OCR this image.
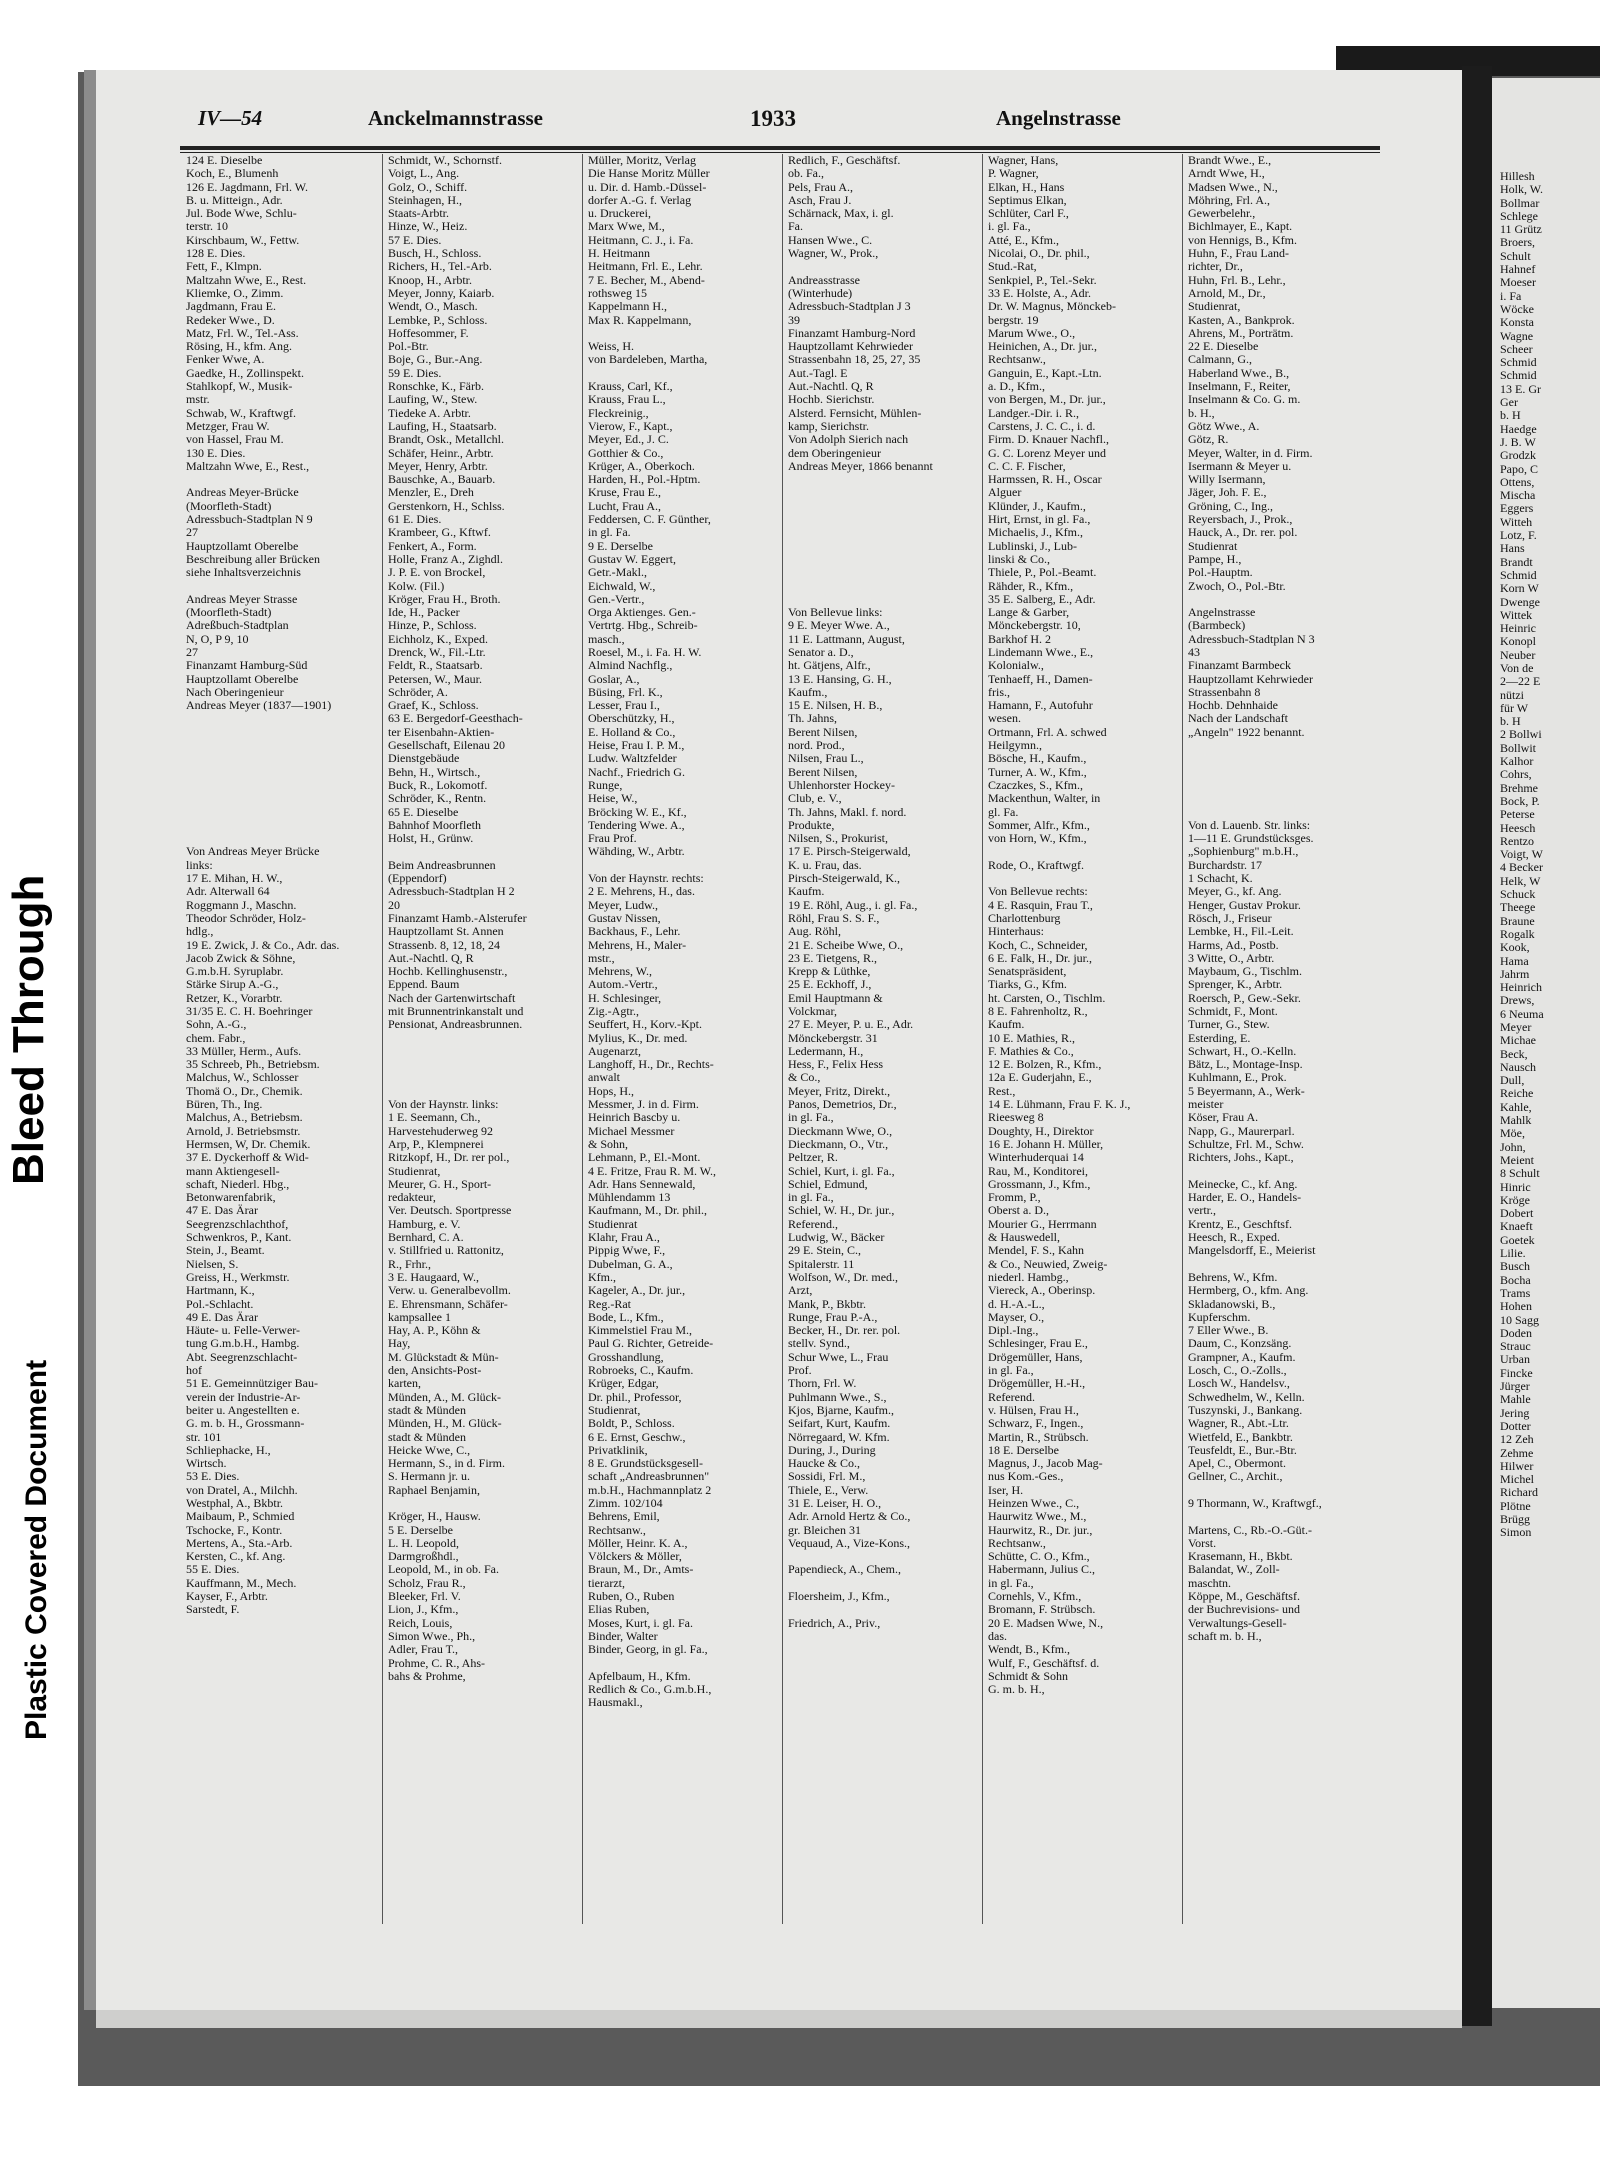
Bleed Through
Plastic Covered Document
Hillesh
Holk, W.
Bollmar
Schlege
11 Grütz
Broers,
Schult
Hahnef
Moeser
i. Fa
Wöcke
Konsta
Wagne
Scheer
Schmid
Schmid
13 E. Gr
Ger
b. H
Haedge
J. B. W
Grodzk
Papo, C
Ottens,
Mischa
Eggers
Witteh
Lotz, F.
Hans
Brandt
Schmid
Korn W
Dwenge
Wittek
Heinric
Konopl
Neuber
Von de
2—22 E
nützi
für W
b. H
2 Bollwi
Bollwit
Kalhor
Cohrs,
Brehme
Bock, P.
Peterse
Heesch
Rentzo
Voigt, W
4 Becker
Helk, W
Schuck
Theege
Braune
Rogalk
Kook,
Hama
Jahrm
Heinrich
Drews,
6 Neuma
Meyer
Michae
Beck,
Nausch
Dull,
Reiche
Kahle,
Mahlk
Möe,
John,
Meient
8 Schult
Hinric
Kröge
Dobert
Knaeft
Goetek
Lilie.
Busch
Bocha
Trams
Hohen
10 Sagg
Doden
Strauc
Urban
Fincke
Jürger
Mahle
Jering
Dotter
12 Zeh
Zehme
Hilwer
Michel
Richard
Plötne
Brügg
Simon
IV—54	Anckelmannstrasse	1933	Angelnstrasse
124 E. Dieselbe
Koch, E., Blumenh
126 E. Jagdmann, Frl. W.
B. u. Mitteign., Adr.
Jul. Bode Wwe, Schlu-
terstr. 10
Kirschbaum, W., Fettw.
128 E. Dies.
Fett, F., Klmpn.
Maltzahn Wwe, E., Rest.
Kliemke, O., Zimm.
Jagdmann, Frau E.
Redeker Wwe., D.
Matz, Frl. W., Tel.-Ass.
Rösing, H., kfm. Ang.
Fenker Wwe, A.
Gaedke, H., Zollinspekt.
Stahlkopf, W., Musik-
mstr.
Schwab, W., Kraftwgf.
Metzger, Frau W.
von Hassel, Frau M.
130 E. Dies.
Maltzahn Wwe, E., Rest.,
Andreas Meyer-Brücke
(Moorfleth-Stadt)
Adressbuch-Stadtplan N 9
27
Hauptzollamt Oberelbe
Beschreibung aller Brücken
siehe Inhaltsverzeichnis
Andreas Meyer Strasse
(Moorfleth-Stadt)
Adreßbuch-Stadtplan
N, O, P 9, 10
27
Finanzamt Hamburg-Süd
Hauptzollamt Oberelbe
Nach Oberingenieur
Andreas Meyer (1837—1901)
Von Andreas Meyer Brücke
links:
17 E. Mihan, H. W.,
Adr. Alterwall 64
Roggmann J., Maschn.
Theodor Schröder, Holz-
hdlg.,
19 E. Zwick, J. & Co., Adr. das.
Jacob Zwick & Söhne,
G.m.b.H. Syruplabr.
Stärke Sirup A.-G.,
Retzer, K., Vorarbtr.
31/35 E. C. H. Boehringer
Sohn, A.-G.,
chem. Fabr.,
33 Müller, Herm., Aufs.
35 Schreeb, Ph., Betriebsm.
Malchus, W., Schlosser
Thomä O., Dr., Chemik.
Büren, Th., Ing.
Malchus, A., Betriebsm.
Arnold, J. Betriebsmstr.
Hermsen, W, Dr. Chemik.
37 E. Dyckerhoff & Wid-
mann Aktiengesell-
schaft, Niederl. Hbg.,
Betonwarenfabrik,
47 E. Das Ärar
Seegrenzschlachthof,
Schwenkros, P., Kant.
Stein, J., Beamt.
Nielsen, S.
Greiss, H., Werkmstr.
Hartmann, K.,
Pol.-Schlacht.
49 E. Das Ärar
Häute- u. Felle-Verwer-
tung G.m.b.H., Hambg.
Abt. Seegrenzschlacht-
hof
51 E. Gemeinnütziger Bau-
verein der Industrie-Ar-
beiter u. Angestellten e.
G. m. b. H., Grossmann-
str. 101
Schliephacke, H.,
Wirtsch.
53 E. Dies.
von Dratel, A., Milchh.
Westphal, A., Bkbtr.
Maibaum, P., Schmied
Tschocke, F., Kontr.
Mertens, A., Sta.-Arb.
Kersten, C., kf. Ang.
55 E. Dies.
Kauffmann, M., Mech.
Kayser, F., Arbtr.
Sarstedt, F.
Schmidt, W., Schornstf.
Voigt, L., Ang.
Golz, O., Schiff.
Steinhagen, H.,
Staats-Arbtr.
Hinze, W., Heiz.
57 E. Dies.
Busch, H., Schloss.
Richers, H., Tel.-Arb.
Knoop, H., Arbtr.
Meyer, Jonny, Kaiarb.
Wendt, O., Masch.
Lembke, P., Schloss.
Hoffesommer, F.
Pol.-Btr.
Boje, G., Bur.-Ang.
59 E. Dies.
Ronschke, K., Färb.
Laufing, W., Stew.
Tiedeke A. Arbtr.
Laufing, H., Staatsarb.
Brandt, Osk., Metallchl.
Schäfer, Heinr., Arbtr.
Meyer, Henry, Arbtr.
Bauschke, A., Bauarb.
Menzler, E., Dreh
Gerstenkorn, H., Schlss.
61 E. Dies.
Krambeer, G., Kftwf.
Fenkert, A., Form.
Holle, Franz A., Zighdl.
J. P. E. von Brockel,
Kolw. (Fil.)
Kröger, Frau H., Broth.
Ide, H., Packer
Hinze, P., Schloss.
Eichholz, K., Exped.
Drenck, W., Fil.-Ltr.
Feldt, R., Staatsarb.
Petersen, W., Maur.
Schröder, A.
Graef, K., Schloss.
63 E. Bergedorf-Geesthach-
ter Eisenbahn-Aktien-
Gesellschaft, Eilenau 20
Dienstgebäude
Behn, H., Wirtsch.,
Buck, R., Lokomotf.
Schröder, K., Rentn.
65 E. Dieselbe
Bahnhof Moorfleth
Holst, H., Grünw.
Beim Andreasbrunnen
(Eppendorf)
Adressbuch-Stadtplan H 2
20
Finanzamt Hamb.-Alsterufer
Hauptzollamt St. Annen
Strassenb. 8, 12, 18, 24
Aut.-Nachtl. Q, R
Hochb. Kellinghusenstr.,
Eppend. Baum
Nach der Gartenwirtschaft
mit Brunnentrinkanstalt und
Pensionat, Andreasbrunnen.
Von der Haynstr. links:
1 E. Seemann, Ch.,
Harvestehuderweg 92
Arp, P., Klempnerei
Ritzkopf, H., Dr. rer pol.,
Studienrat,
Meurer, G. H., Sport-
redakteur,
Ver. Deutsch. Sportpresse
Hamburg, e. V.
Bernhard, C. A.
v. Stillfried u. Rattonitz,
R., Frhr.,
3 E. Haugaard, W.,
Verw. u. Generalbevollm.
E. Ehrensmann, Schäfer-
kampsallee 1
Hay, A. P., Köhn &
Hay,
M. Glückstadt & Mün-
den, Ansichts-Post-
karten,
Münden, A., M. Glück-
stadt & Münden
Münden, H., M. Glück-
stadt & Münden
Heicke Wwe, C.,
Hermann, S., in d. Firm.
S. Hermann jr. u.
Raphael Benjamin,
Kröger, H., Hausw.
5 E. Derselbe
L. H. Leopold,
Darmgroßhdl.,
Leopold, M., in ob. Fa.
Scholz, Frau R.,
Bleeker, Frl. V.
Lion, J., Kfm.,
Reich, Louis,
Simon Wwe., Ph.,
Adler, Frau T.,
Prohme, C. R., Ahs-
bahs & Prohme,
Müller, Moritz, Verlag
Die Hanse Moritz Müller
u. Dir. d. Hamb.-Düssel-
dorfer A.-G. f. Verlag
u. Druckerei,
Marx Wwe, M.,
Heitmann, C. J., i. Fa.
H. Heitmann
Heitmann, Frl. E., Lehr.
7 E. Becher, M., Abend-
rothsweg 15
Kappelmann H.,
Max R. Kappelmann,
Weiss, H.
von Bardeleben, Martha,
Krauss, Carl, Kf.,
Krauss, Frau L.,
Fleckreinig.,
Vierow, F., Kapt.,
Meyer, Ed., J. C.
Gotthier & Co.,
Krüger, A., Oberkoch.
Harden, H., Pol.-Hptm.
Kruse, Frau E.,
Lucht, Frau A.,
Feddersen, C. F. Günther,
in gl. Fa.
9 E. Derselbe
Gustav W. Eggert,
Getr.-Makl.,
Eichwald, W.,
Gen.-Vertr.,
Orga Aktienges. Gen.-
Vertrtg. Hbg., Schreib-
masch.,
Roesel, M., i. Fa. H. W.
Almind Nachflg.,
Goslar, A.,
Büsing, Frl. K.,
Lesser, Frau I.,
Oberschützky, H.,
E. Holland & Co.,
Heise, Frau I. P. M.,
Ludw. Waltzfelder
Nachf., Friedrich G.
Runge,
Heise, W.,
Bröcking W. E., Kf.,
Tendering Wwe. A.,
Frau Prof.
Wähding, W., Arbtr.
Von der Haynstr. rechts:
2 E. Mehrens, H., das.
Meyer, Ludw.,
Gustav Nissen,
Backhaus, F., Lehr.
Mehrens, H., Maler-
mstr.,
Mehrens, W.,
Autom.-Vertr.,
H. Schlesinger,
Zig.-Agtr.,
Seuffert, H., Korv.-Kpt.
Mylius, K., Dr. med.
Augenarzt,
Langhoff, H., Dr., Rechts-
anwalt
Hops, H.,
Messmer, J. in d. Firm.
Heinrich Bascby u.
Michael Messmer
& Sohn,
Lehmann, P., El.-Mont.
4 E. Fritze, Frau R. M. W.,
Adr. Hans Sennewald,
Mühlendamm 13
Kaufmann, M., Dr. phil.,
Studienrat
Klahr, Frau A.,
Pippig Wwe, F.,
Dubelman, G. A.,
Kfm.,
Kageler, A., Dr. jur.,
Reg.-Rat
Bode, L., Kfm.,
Kimmelstiel Frau M.,
Paul G. Richter, Getreide-
Grosshandlung,
Robroeks, C., Kaufm.
Krüger, Edgar,
Dr. phil., Professor,
Studienrat,
Boldt, P., Schloss.
6 E. Ernst, Geschw.,
Privatklinik,
8 E. Grundstücksgesell-
schaft „Andreasbrunnen"
m.b.H., Hachmannplatz 2
Zimm. 102/104
Behrens, Emil,
Rechtsanw.,
Möller, Heinr. K. A.,
Völckers & Möller,
Braun, M., Dr., Amts-
tierarzt,
Ruben, O., Ruben
Elias Ruben,
Moses, Kurt, i. gl. Fa.
Binder, Walter
Binder, Georg, in gl. Fa.,
Apfelbaum, H., Kfm.
Redlich & Co., G.m.b.H.,
Hausmakl.,
Redlich, F., Geschäftsf.
ob. Fa.,
Pels, Frau A.,
Asch, Frau J.
Schärnack, Max, i. gl.
Fa.
Hansen Wwe., C.
Wagner, W., Prok.,
Andreasstrasse
(Winterhude)
Adressbuch-Stadtplan J 3
39
Finanzamt Hamburg-Nord
Hauptzollamt Kehrwieder
Strassenbahn 18, 25, 27, 35
Aut.-Tagl. E
Aut.-Nachtl. Q, R
Hochb. Sierichstr.
Alsterd. Fernsicht, Mühlen-
kamp, Sierichstr.
Von Adolph Sierich nach
dem Oberingenieur
Andreas Meyer, 1866 benannt
Von Bellevue links:
9 E. Meyer Wwe. A.,
11 E. Lattmann, August,
Senator a. D.,
ht. Gätjens, Alfr.,
13 E. Hansing, G. H.,
Kaufm.,
15 E. Nilsen, H. B.,
Th. Jahns,
Berent Nilsen,
nord. Prod.,
Nilsen, Frau L.,
Berent Nilsen,
Uhlenhorster Hockey-
Club, e. V.,
Th. Jahns, Makl. f. nord.
Produkte,
Nilsen, S., Prokurist,
17 E. Pirsch-Steigerwald,
K. u. Frau, das.
Pirsch-Steigerwald, K.,
Kaufm.
19 E. Röhl, Aug., i. gl. Fa.,
Röhl, Frau S. S. F.,
Aug. Röhl,
21 E. Scheibe Wwe, O.,
23 E. Tietgens, R.,
Krepp & Lüthke,
25 E. Eckhoff, J.,
Emil Hauptmann &
Volckmar,
27 E. Meyer, P. u. E., Adr.
Mönckebergstr. 31
Ledermann, H.,
Hess, F., Felix Hess
& Co.,
Meyer, Fritz, Direkt.,
Panos, Demetrios, Dr.,
in gl. Fa.,
Dieckmann Wwe, O.,
Dieckmann, O., Vtr.,
Peltzer, R.
Schiel, Kurt, i. gl. Fa.,
Schiel, Edmund,
in gl. Fa.,
Schiel, W. H., Dr. jur.,
Referend.,
Ludwig, W., Bäcker
29 E. Stein, C.,
Spitalerstr. 11
Wolfson, W., Dr. med.,
Arzt,
Mank, P., Bkbtr.
Runge, Frau P.-A.,
Becker, H., Dr. rer. pol.
stellv. Synd.,
Schur Wwe, L., Frau
Prof.
Thorn, Frl. W.
Puhlmann Wwe., S.,
Kjos, Bjarne, Kaufm.,
Seifart, Kurt, Kaufm.
Nörregaard, W. Kfm.
During, J., During
Haucke & Co.,
Sossidi, Frl. M.,
Thiele, E., Verw.
31 E. Leiser, H. O.,
Adr. Arnold Hertz & Co.,
gr. Bleichen 31
Vequaud, A., Vize-Kons.,
Papendieck, A., Chem.,
Floersheim, J., Kfm.,
Friedrich, A., Priv.,
Wagner, Hans,
P. Wagner,
Elkan, H., Hans
Septimus Elkan,
Schlüter, Carl F.,
i. gl. Fa.,
Atté, E., Kfm.,
Nicolai, O., Dr. phil.,
Stud.-Rat,
Senkpiel, P., Tel.-Sekr.
33 E. Holste, A., Adr.
Dr. W. Magnus, Mönckeb-
bergstr. 19
Marum Wwe., O.,
Heinichen, A., Dr. jur.,
Rechtsanw.,
Ganguin, E., Kapt.-Ltn.
a. D., Kfm.,
von Bergen, M., Dr. jur.,
Landger.-Dir. i. R.,
Carstens, J. C. C., i. d.
Firm. D. Knauer Nachfl.,
G. C. Lorenz Meyer und
C. C. F. Fischer,
Harmssen, R. H., Oscar
Alguer
Klünder, J., Kaufm.,
Hirt, Ernst, in gl. Fa.,
Michaelis, J., Kfm.,
Lublinski, J., Lub-
linski & Co.,
Thiele, P., Pol.-Beamt.
Rähder, R., Kfm.,
35 E. Salberg, E., Adr.
Lange & Garber,
Mönckebergstr. 10,
Barkhof H. 2
Lindemann Wwe., E.,
Kolonialw.,
Tenhaeff, H., Damen-
fris.,
Hamann, F., Autofuhr
wesen.
Ortmann, Frl. A. schwed
Heilgymn.,
Bösche, H., Kaufm.,
Turner, A. W., Kfm.,
Czaczkes, S., Kfm.,
Mackenthun, Walter, in
gl. Fa.
Sommer, Alfr., Kfm.,
von Horn, W., Kfm.,
Rode, O., Kraftwgf.
Von Bellevue rechts:
4 E. Rasquin, Frau T.,
Charlottenburg
Hinterhaus:
Koch, C., Schneider,
6 E. Falk, H., Dr. jur.,
Senatspräsident,
Tiarks, G., Kfm.
ht. Carsten, O., Tischlm.
8 E. Fahrenholtz, R.,
Kaufm.
10 E. Mathies, R.,
F. Mathies & Co.,
12 E. Bolzen, R., Kfm.,
12a E. Guderjahn, E.,
Rest.,
14 E. Lühmann, Frau F. K. J.,
Rieesweg 8
Doughty, H., Direktor
16 E. Johann H. Müller,
Winterhuderquai 14
Rau, M., Konditorei,
Grossmann, J., Kfm.,
Fromm, P.,
Oberst a. D.,
Mourier G., Herrmann
& Hauswedell,
Mendel, F. S., Kahn
& Co., Neuwied, Zweig-
niederl. Hambg.,
Viereck, A., Oberinsp.
d. H.-A.-L.,
Mayser, O.,
Dipl.-Ing.,
Schlesinger, Frau E.,
Drögemüller, Hans,
in gl. Fa.,
Drögemüller, H.-H.,
Referend.
v. Hülsen, Frau H.,
Schwarz, F., Ingen.,
Martin, R., Strübsch.
18 E. Derselbe
Magnus, J., Jacob Mag-
nus Kom.-Ges.,
Iser, H.
Heinzen Wwe., C.,
Haurwitz Wwe., M.,
Haurwitz, R., Dr. jur.,
Rechtsanw.,
Schütte, C. O., Kfm.,
Habermann, Julius C.,
in gl. Fa.,
Cornehls, V., Kfm.,
Bromann, F. Strübsch.
20 E. Madsen Wwe, N.,
das.
Wendt, B., Kfm.,
Wulf, F., Geschäftsf. d.
Schmidt & Sohn
G. m. b. H.,
Brandt Wwe., E.,
Arndt Wwe, H.,
Madsen Wwe., N.,
Möhring, Frl. A.,
Gewerbelehr.,
Bichlmayer, E., Kapt.
von Hennigs, B., Kfm.
Huhn, F., Frau Land-
richter, Dr.,
Huhn, Frl. B., Lehr.,
Arnold, M., Dr.,
Studienrat,
Kasten, A., Bankprok.
Ahrens, M., Porträtm.
22 E. Dieselbe
Calmann, G.,
Haberland Wwe., B.,
Inselmann, F., Reiter,
Inselmann & Co. G. m.
b. H.,
Götz Wwe., A.
Götz, R.
Meyer, Walter, in d. Firm.
Isermann & Meyer u.
Willy Isermann,
Jäger, Joh. F. E.,
Gröning, C., Ing.,
Reyersbach, J., Prok.,
Hauck, A., Dr. rer. pol.
Studienrat
Pampe, H.,
Pol.-Hauptm.
Zwoch, O., Pol.-Btr.
Angelnstrasse
(Barmbeck)
Adressbuch-Stadtplan N 3
43
Finanzamt Barmbeck
Hauptzollamt Kehrwieder
Strassenbahn 8
Hochb. Dehnhaide
Nach der Landschaft
„Angeln" 1922 benannt.
Von d. Lauenb. Str. links:
1—11 E. Grundstücksges.
„Sophienburg" m.b.H.,
Burchardstr. 17
1 Schacht, K.
Meyer, G., kf. Ang.
Henger, Gustav Prokur.
Rösch, J., Friseur
Lembke, H., Fil.-Leit.
Harms, Ad., Postb.
3 Witte, O., Arbtr.
Maybaum, G., Tischlm.
Sprenger, K., Arbtr.
Roersch, P., Gew.-Sekr.
Schmidt, F., Mont.
Turner, G., Stew.
Esterding, E.
Schwart, H., O.-Kelln.
Bätz, L., Montage-Insp.
Kuhlmann, E., Prok.
5 Beyermann, A., Werk-
meister
Köser, Frau A.
Napp, G., Maurerparl.
Schultze, Frl. M., Schw.
Richters, Johs., Kapt.,
Meinecke, C., kf. Ang.
Harder, E. O., Handels-
vertr.,
Krentz, E., Geschftsf.
Heesch, R., Exped.
Mangelsdorff, E., Meierist
Behrens, W., Kfm.
Hermberg, O., kfm. Ang.
Skladanowski, B.,
Kupferschm.
7 Eller Wwe., B.
Daum, C., Konzsäng.
Grampner, A., Kaufm.
Losch, C., O.-Zolls.,
Losch W., Handelsv.,
Schwedhelm, W., Kelln.
Tuszynski, J., Bankang.
Wagner, R., Abt.-Ltr.
Wietfeld, E., Bankbtr.
Teusfeldt, E., Bur.-Btr.
Apel, C., Obermont.
Gellner, C., Archit.,
9 Thormann, W., Kraftwgf.,
Martens, C., Rb.-O.-Güt.-
Vorst.
Krasemann, H., Bkbt.
Balandat, W., Zoll-
maschtn.
Köppe, M., Geschäftsf.
der Buchrevisions- und
Verwaltungs-Gesell-
schaft m. b. H.,
